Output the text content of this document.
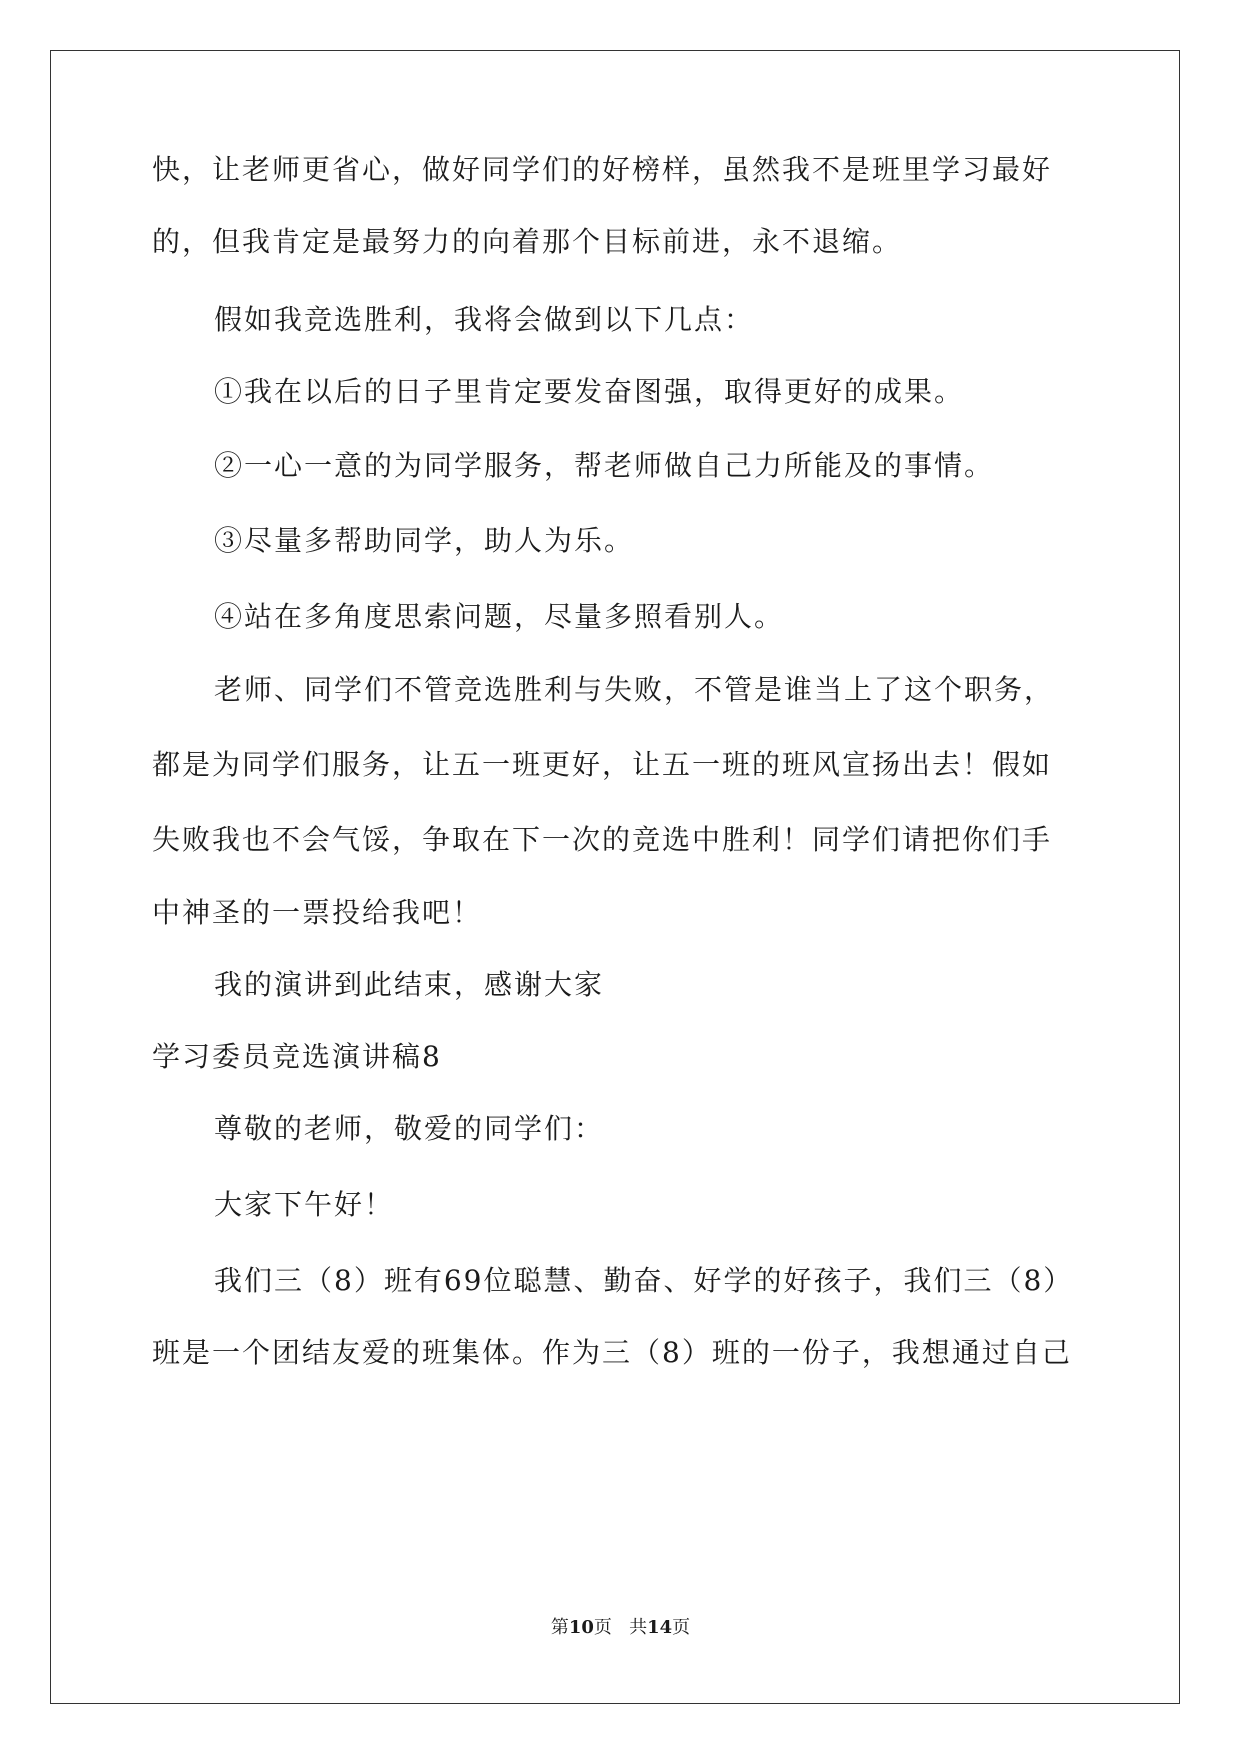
快，让老师更省心，做好同学们的好榜样，虽然我不是班里学习最好
的，但我肯定是最努力的向着那个目标前进，永不退缩。
假如我竞选胜利，我将会做到以下几点：
①我在以后的日子里肯定要发奋图强，取得更好的成果。
②一心一意的为同学服务，帮老师做自己力所能及的事情。
③尽量多帮助同学，助人为乐。
④站在多角度思索问题，尽量多照看别人。
老师、同学们不管竞选胜利与失败，不管是谁当上了这个职务，
都是为同学们服务，让五一班更好，让五一班的班风宣扬出去！假如
失败我也不会气馁，争取在下一次的竞选中胜利！同学们请把你们手
中神圣的一票投给我吧！
我的演讲到此结束，感谢大家
学习委员竞选演讲稿8
尊敬的老师，敬爱的同学们：
大家下午好！
我们三（8）班有69位聪慧、勤奋、好学的好孩子，我们三（8）
班是一个团结友爱的班集体。作为三（8）班的一份子，我想通过自己
第10页 共14页
